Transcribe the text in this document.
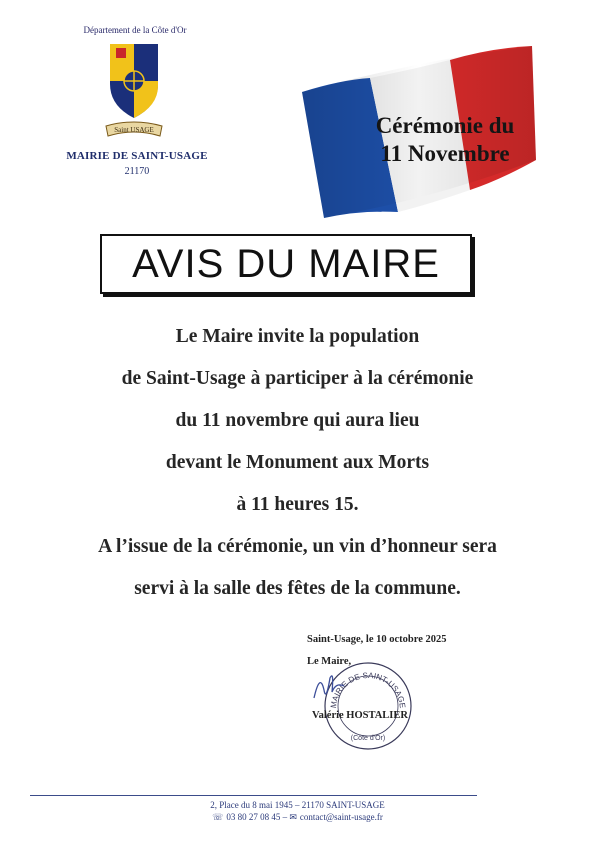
Département de la Côte d'Or
Saint USAGE
MAIRIE DE SAINT-USAGE
21170
Cérémonie du
11 Novembre
AVIS DU MAIRE
Le Maire invite la population
de Saint-Usage à participer à la cérémonie
du 11 novembre qui aura lieu
devant le Monument aux Morts
à 11 heures 15.
A l’issue de la cérémonie, un vin d’honneur sera
servi à la salle des fêtes de la commune.
Saint-Usage, le 10 octobre 2025
Le Maire,
MAIRIE DE SAINT-USAGE
(Côte d'Or)
Valérie HOSTALIER
2, Place du 8 mai 1945 – 21170 SAINT-USAGE
☏ 03 80 27 08 45 – ✉ contact@saint-usage.fr
